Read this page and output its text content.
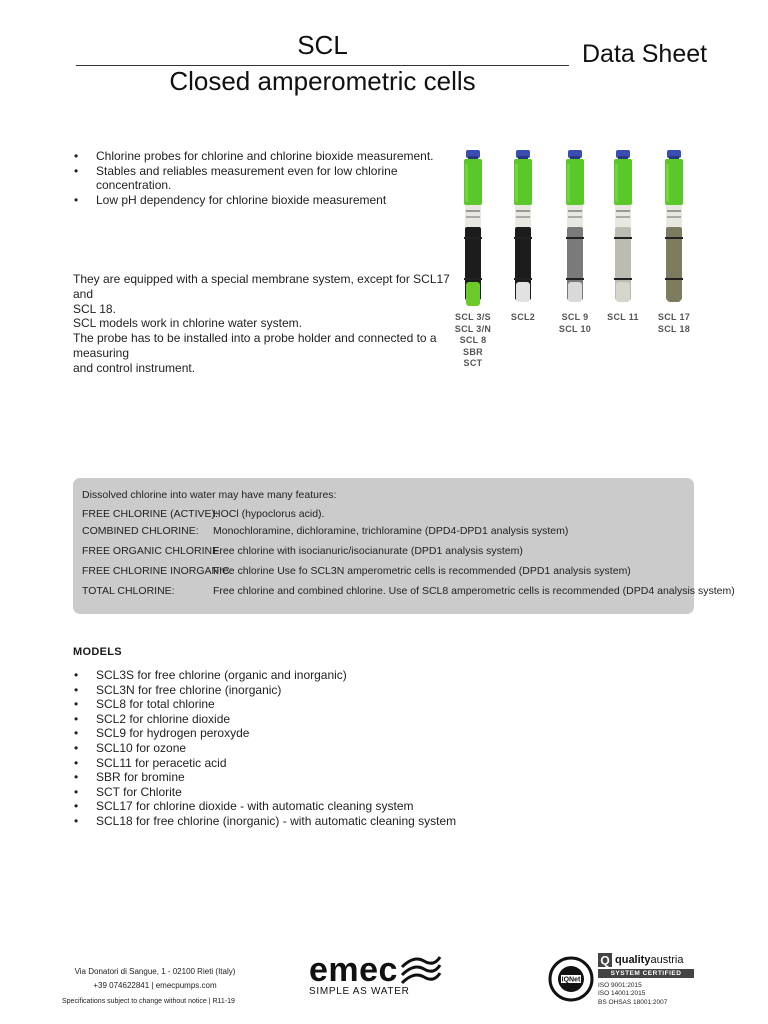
SCL
Closed amperometric cells
Data Sheet
• Chlorine probes for chlorine and chlorine bioxide measurement.
• Stables and reliables measurement even for low chlorine concentration.
• Low pH dependency for chlorine bioxide measurement
They are equipped with a special membrane system, except for SCL17 and
SCL 18.
SCL models work in chlorine water system.
The probe has to be installed into a probe holder and connected to a measuring
and control instrument.
SCL 3/S
SCL 3/N
SCL 8
SBR
SCT
SCL2	SCL 9
SCL 10
SCL 11	SCL 17
SCL 18
Dissolved chlorine into water may have many features:
FREE CHLORINE (ACTIVE):
HOCl (hypoclorus acid).
COMBINED CHLORINE: Monochloramine, dichloramine, trichloramine (DPD4-DPD1 analysis system)
FREE ORGANIC CHLORINE:
Free chlorine with isocianuric/isocianurate (DPD1 analysis system)
FREE CHLORINE INORGANIC:
Free chlorine Use fo SCL3N amperometric cells is recommended (DPD1 analysis system)
TOTAL CHLORINE:	Free chlorine and combined chlorine. Use of SCL8 amperometric cells is recommended (DPD4 analysis system)
MODELS
• SCL3S for free chlorine (organic and inorganic)
• SCL3N for free chlorine (inorganic)
• SCL8 for total chlorine
• SCL2 for chlorine dioxide
• SCL9 for hydrogen peroxyde
• SCL10 for ozone
• SCL11 for peracetic acid
• SBR for bromine
• SCT for Chlorite
• SCL17 for chlorine dioxide - with automatic cleaning system
• SCL18 for free chlorine (inorganic) - with automatic cleaning system
Via Donatori di Sangue, 1 - 02100 Rieti (Italy)
+39 074622841 | emecpumps.com
Specifications subject to change without notice | R11-19
emec
SIMPLE AS WATER
IQNet
Q qualityaustria
SYSTEM CERTIFIED
ISO 9001:2015
ISO 14001:2015
BS OHSAS 18001:2007
